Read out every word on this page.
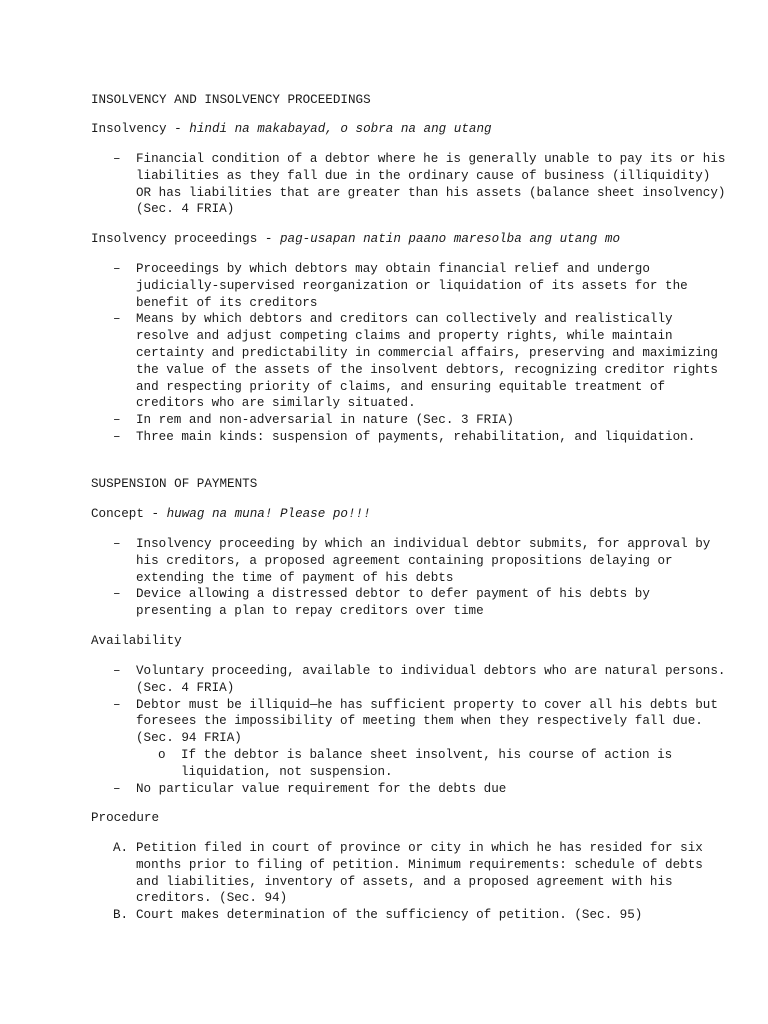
INSOLVENCY AND INSOLVENCY PROCEEDINGS

Insolvency - hindi na makabayad, o sobra na ang utang

– Financial condition of a debtor where he is generally unable to pay its or his liabilities as they fall due in the ordinary cause of business (illiquidity) OR has liabilities that are greater than his assets (balance sheet insolvency) (Sec. 4 FRIA)

Insolvency proceedings - pag-usapan natin paano maresolba ang utang mo

– Proceedings by which debtors may obtain financial relief and undergo judicially-supervised reorganization or liquidation of its assets for the benefit of its creditors
– Means by which debtors and creditors can collectively and realistically resolve and adjust competing claims and property rights, while maintain certainty and predictability in commercial affairs, preserving and maximizing the value of the assets of the insolvent debtors, recognizing creditor rights and respecting priority of claims, and ensuring equitable treatment of creditors who are similarly situated.
– In rem and non-adversarial in nature (Sec. 3 FRIA)
– Three main kinds: suspension of payments, rehabilitation, and liquidation.

SUSPENSION OF PAYMENTS

Concept - huwag na muna! Please po!!!

– Insolvency proceeding by which an individual debtor submits, for approval by his creditors, a proposed agreement containing propositions delaying or extending the time of payment of his debts
– Device allowing a distressed debtor to defer payment of his debts by presenting a plan to repay creditors over time

Availability

– Voluntary proceeding, available to individual debtors who are natural persons. (Sec. 4 FRIA)
– Debtor must be illiquid—he has sufficient property to cover all his debts but foresees the impossibility of meeting them when they respectively fall due. (Sec. 94 FRIA)
o If the debtor is balance sheet insolvent, his course of action is liquidation, not suspension.
– No particular value requirement for the debts due

Procedure

A. Petition filed in court of province or city in which he has resided for six months prior to filing of petition. Minimum requirements: schedule of debts and liabilities, inventory of assets, and a proposed agreement with his creditors. (Sec. 94)
B. Court makes determination of the sufficiency of petition. (Sec. 95)
